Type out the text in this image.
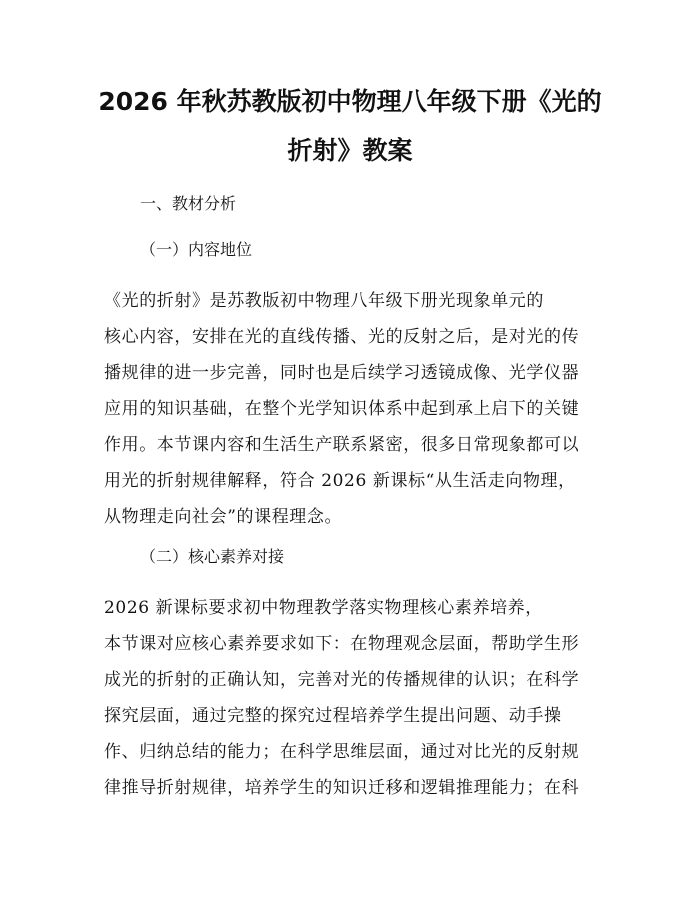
2026 年秋苏教版初中物理八年级下册《光的
折射》教案
一、教材分析
（一）内容地位
《光的折射》是苏教版初中物理八年级下册光现象单元的
核心内容，安排在光的直线传播、光的反射之后，是对光的传
播规律的进一步完善，同时也是后续学习透镜成像、光学仪器
应用的知识基础，在整个光学知识体系中起到承上启下的关键
作用。本节课内容和生活生产联系紧密，很多日常现象都可以
用光的折射规律解释，符合 2026 新课标“从生活走向物理，
从物理走向社会”的课程理念。
（二）核心素养对接
2026 新课标要求初中物理教学落实物理核心素养培养，
本节课对应核心素养要求如下：在物理观念层面，帮助学生形
成光的折射的正确认知，完善对光的传播规律的认识；在科学
探究层面，通过完整的探究过程培养学生提出问题、动手操
作、归纳总结的能力；在科学思维层面，通过对比光的反射规
律推导折射规律，培养学生的知识迁移和逻辑推理能力；在科
